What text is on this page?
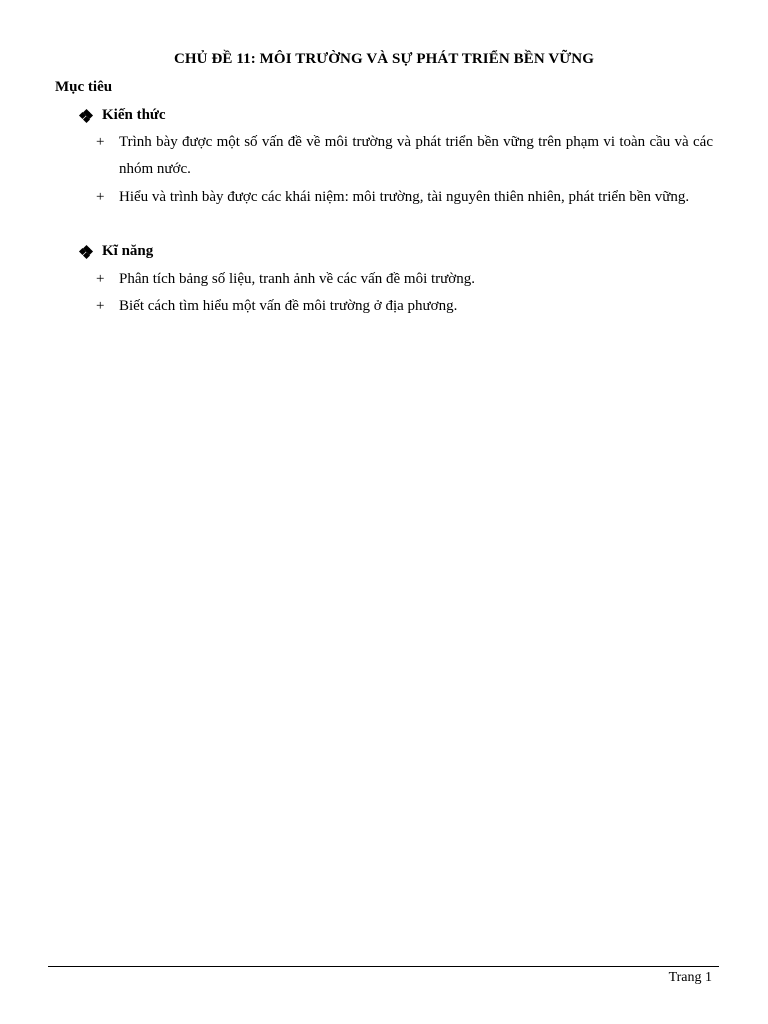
CHỦ ĐỀ 11: MÔI TRƯỜNG VÀ SỰ PHÁT TRIỂN BỀN VỮNG
Mục tiêu
Kiến thức
+ Trình bày được một số vấn đề về môi trường và phát triển bền vững trên phạm vi toàn cầu và các nhóm nước.
+ Hiểu và trình bày được các khái niệm: môi trường, tài nguyên thiên nhiên, phát triển bền vững.
Kĩ năng
+ Phân tích bảng số liệu, tranh ảnh về các vấn đề môi trường.
+ Biết cách tìm hiểu một vấn đề môi trường ở địa phương.
Trang 1
